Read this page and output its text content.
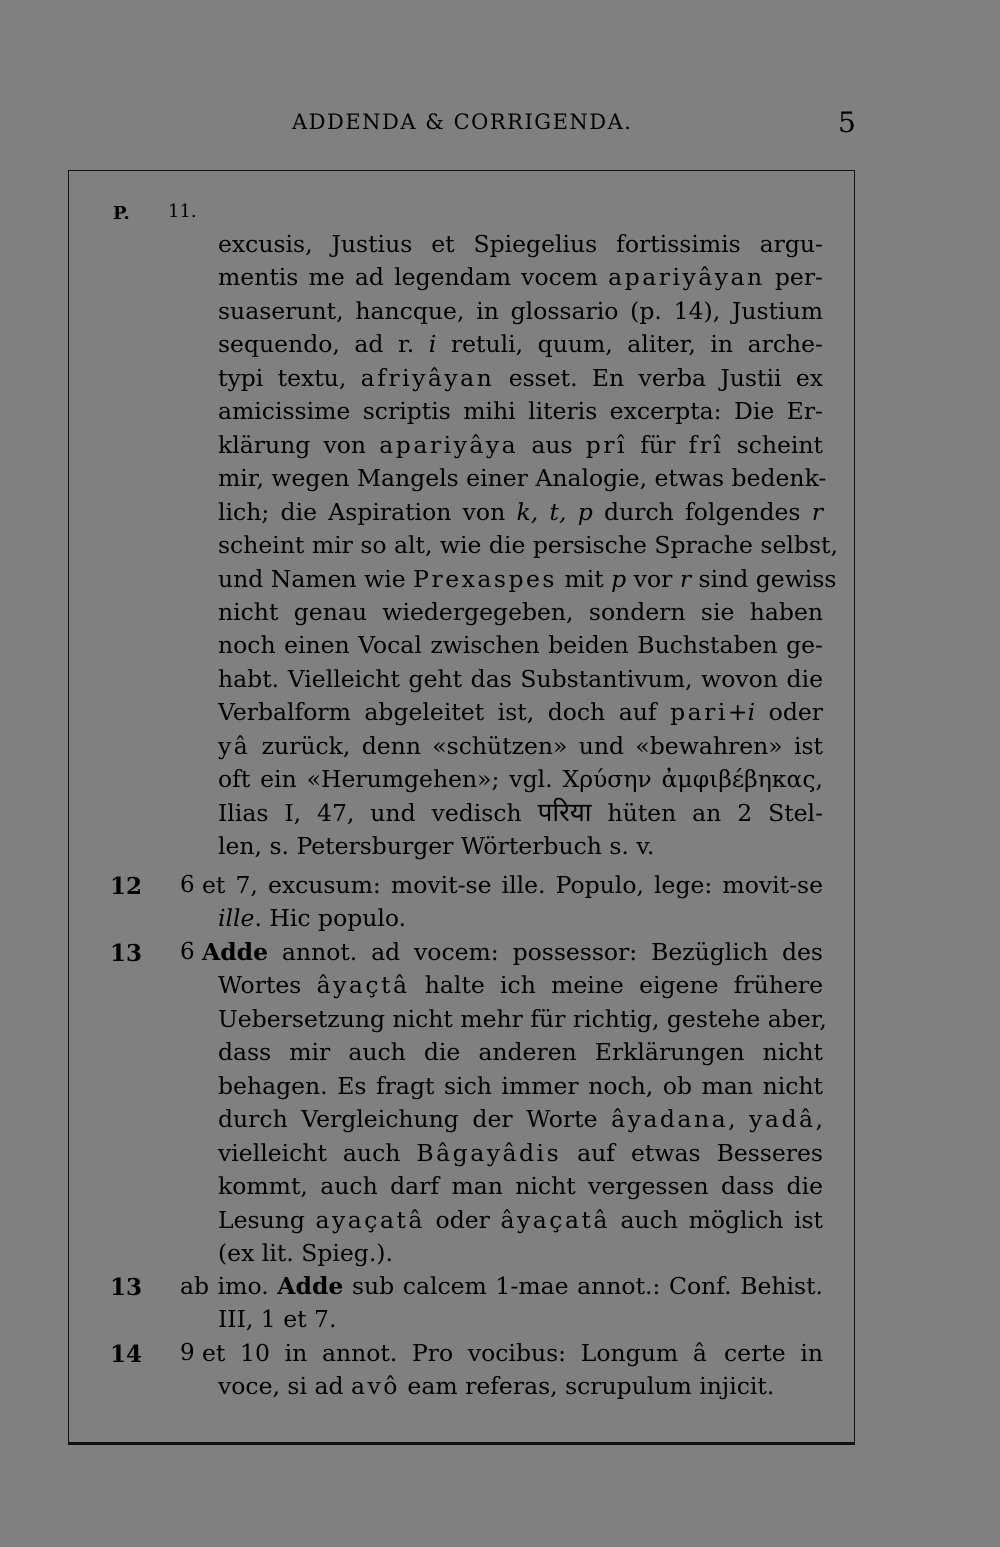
ADDENDA & CORRIGENDA.	5
P. 11.
excusis, Justius et Spiegelius fortissimis argu-
mentis me ad legendam vocem apariyâyan per-
suaserunt, hancque, in glossario (p. 14), Justium
sequendo, ad r. i retuli, quum, aliter, in arche-
typi textu, afriyâyan esset. En verba Justii ex
amicissime scriptis mihi literis excerpta: Die Er-
klärung von apariyâya aus prî für frî scheint
mir, wegen Mangels einer Analogie, etwas bedenk-
lich; die Aspiration von k, t, p durch folgendes r
scheint mir so alt, wie die persische Sprache selbst,
und Namen wie Prexaspes mit p vor r sind gewiss
nicht genau wiedergegeben, sondern sie haben
noch einen Vocal zwischen beiden Buchstaben ge-
habt. Vielleicht geht das Substantivum, wovon die
Verbalform abgeleitet ist, doch auf pari+i oder
yâ zurück, denn «schützen» und «bewahren» ist
oft ein «Herumgehen»; vgl. Χρύσην ἀμφιβέβηκας,
Ilias I, 47, und vedisch परिया hüten an 2 Stel-
len, s. Petersburger Wörterbuch s. v.
12 6 et 7, excusum: movit-se ille. Populo, lege: movit-se
ille. Hic populo.
13 6 Adde annot. ad vocem: possessor: Bezüglich des
Wortes âyaçtâ halte ich meine eigene frühere
Uebersetzung nicht mehr für richtig, gestehe aber,
dass mir auch die anderen Erklärungen nicht
behagen. Es fragt sich immer noch, ob man nicht
durch Vergleichung der Worte âyadana, yadâ,
vielleicht auch Bâgayâdis auf etwas Besseres
kommt, auch darf man nicht vergessen dass die
Lesung ayaçatâ oder âyaçatâ auch möglich ist
(ex lit. Spieg.).
13 ab imo. Adde sub calcem 1-mae annot.: Conf. Behist.
III, 1 et 7.
14 9 et 10 in annot. Pro vocibus: Longum â certe in
voce, si ad avô eam referas, scrupulum injicit.
